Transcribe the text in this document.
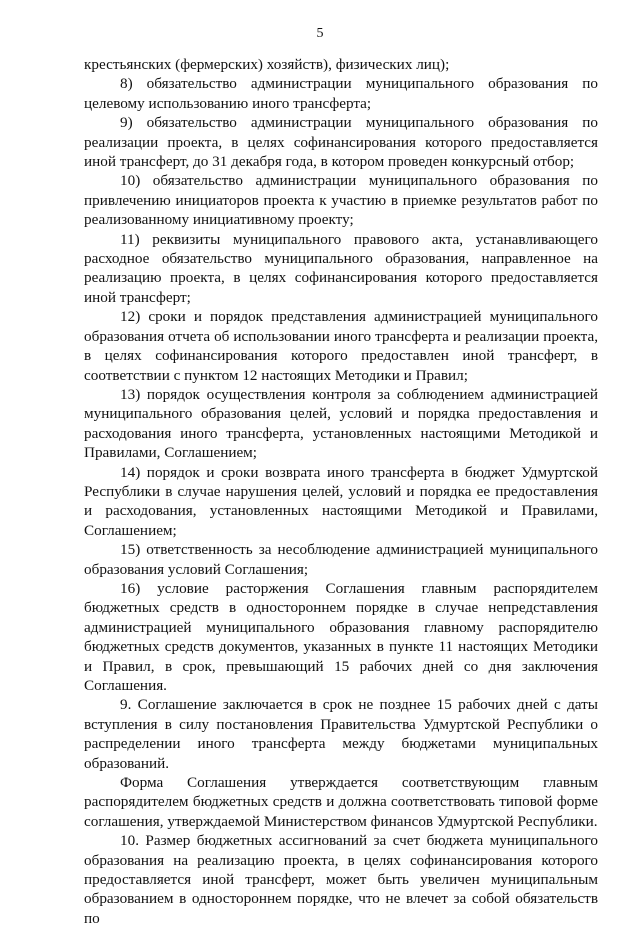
5

крестьянских (фермерских) хозяйств), физических лиц);

8) обязательство администрации муниципального образования по целевому использованию иного трансферта;

9) обязательство администрации муниципального образования по реализации проекта, в целях софинансирования которого предоставляется иной трансферт, до 31 декабря года, в котором проведен конкурсный отбор;

10) обязательство администрации муниципального образования по привлечению инициаторов проекта к участию в приемке результатов работ по реализованному инициативному проекту;

11) реквизиты муниципального правового акта, устанавливающего расходное обязательство муниципального образования, направленное на реализацию проекта, в целях софинансирования которого предоставляется иной трансферт;

12) сроки и порядок представления администрацией муниципального образования отчета об использовании иного трансферта и реализации проекта, в целях софинансирования которого предоставлен иной трансферт, в соответствии с пунктом 12 настоящих Методики и Правил;

13) порядок осуществления контроля за соблюдением администрацией муниципального образования целей, условий и порядка предоставления и расходования иного трансферта, установленных настоящими Методикой и Правилами, Соглашением;

14) порядок и сроки возврата иного трансферта в бюджет Удмуртской Республики в случае нарушения целей, условий и порядка ее предоставления и расходования, установленных настоящими Методикой и Правилами, Соглашением;

15) ответственность за несоблюдение администрацией муниципального образования условий Соглашения;

16) условие расторжения Соглашения главным распорядителем бюджетных средств в одностороннем порядке в случае непредставления администрацией муниципального образования главному распорядителю бюджетных средств документов, указанных в пункте 11 настоящих Методики и Правил, в срок, превышающий 15 рабочих дней со дня заключения Соглашения.

9. Соглашение заключается в срок не позднее 15 рабочих дней с даты вступления в силу постановления Правительства Удмуртской Республики о распределении иного трансферта между бюджетами муниципальных образований.

Форма Соглашения утверждается соответствующим главным распорядителем бюджетных средств и должна соответствовать типовой форме соглашения, утверждаемой Министерством финансов Удмуртской Республики.

10. Размер бюджетных ассигнований за счет бюджета муниципального образования на реализацию проекта, в целях софинансирования которого предоставляется иной трансферт, может быть увеличен муниципальным образованием в одностороннем порядке, что не влечет за собой обязательств по
